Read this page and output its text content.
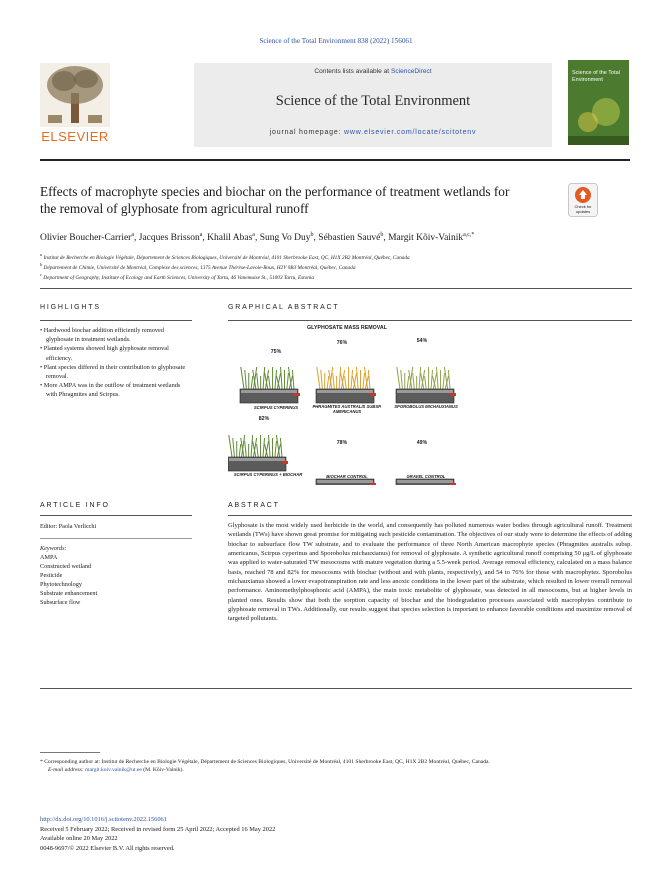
Science of the Total Environment 838 (2022) 156061
ELSEVIER
Contents lists available at ScienceDirect
Science of the Total Environment
journal homepage: www.elsevier.com/locate/scitotenv
Science of the Total Environment
Effects of macrophyte species and biochar on the performance of treatment wetlands for the removal of glyphosate from agricultural runoff	Check for updates
Olivier Boucher-Carrier$^a$, Jacques Brisson$^a$, Khalil Abas$^a$, Sung Vo Duy$^b$, Sébastien Sauvé$^b$, Margit Kõiv-Vainik$^{a,c,*}$
$^a$ Institut de Recherche en Biologie Végétale, Département de Sciences Biologiques, Université de Montréal, 4101 Sherbrooke East, QC, H1X 2B2 Montréal, Québec, Canada
$^b$ Département de Chimie, Université de Montréal, Complexe des sciences, 1375 Avenue Thérèse-Lavoie-Roux, H2V 0B3 Montréal, Québec, Canada
$^c$ Department of Geography, Institute of Ecology and Earth Sciences, University of Tartu, 46 Vanemuise St., 51003 Tartu, Estonia
HIGHLIGHTS
• Hardwood biochar addition efficiently removed glyphosate in treatment wetlands.
• Planted systems showed high glyphosate removal efficiency.
• Plant species differed in their contribution to glyphosate removal.
• More AMPA was in the outflow of treatment wetlands with Phragmites and Scirpus.
GRAPHICAL ABSTRACT
GLYPHOSATE MASS REMOVAL
75%
76%	54%
82%
78%	49%
SCIRPUS CYPERINUS	PHRAGMITES AUSTRALIS SUBSP. AMERICANUS
SPOROBOLUS MICHAUXIANUS
SCIRPUS CYPERINUS + BIOCHAR	BIOCHAR CONTROL	GRAVEL CONTROL
ARTICLE INFO
Editor: Paola Verlicchi
Keywords:
AMPA
Constructed wetland
Pesticide
Phytotechnology
Substrate enhancement
Subsurface flow
ABSTRACT
Glyphosate is the most widely used herbicide in the world, and consequently has polluted numerous water bodies through agricultural runoff. Treatment wetlands (TWs) have shown great promise for mitigating such pesticide contamination. The objectives of our study were to determine the effects of adding biochar to subsurface flow TW substrate, and to evaluate the performance of three North American macrophyte species (Phragmites australis subsp. americanus, Scirpus cyperinus and Sporobolus michauxianus) for removal of glyphosate. A synthetic agricultural runoff comprising 50 μg/L of glyphosate was applied to water-saturated TW mesocosms with mature vegetation during a 5.5-week period. Average removal efficiency, calculated on a mass balance basis, reached 78 and 82% for mesocosms with biochar (without and with plants, respectively), and 54 to 76% for those with macrophytes. Sporobolus michauxianus showed a lower evapotranspiration rate and less anoxic conditions in the lower part of the substrate, which resulted in lower overall removal performance. Aminomethylphosphonic acid (AMPA), the main toxic metabolite of glyphosate, was detected in all mesocosms, but at higher levels in planted ones. Results show that both the sorption capacity of biochar and the biodegradation processes associated with macrophytes contribute to glyphosate removal in TWs. Additionally, our results suggest that species selection is important to enhance favorable conditions and maximize removal of targeted pollutants.
* Corresponding author at: Institut de Recherche en Biologie Végétale, Département de Sciences Biologiques, Université de Montréal, 4101 Sherbrooke East, QC, H1X 2B2 Montréal, Québec, Canada.
E-mail address: margit.koiv.vainik@ut.ee (M. Kõiv-Vainik).
http://dx.doi.org/10.1016/j.scitotenv.2022.156061
Received 5 February 2022; Received in revised form 25 April 2022; Accepted 16 May 2022
Available online 20 May 2022
0048-9697/© 2022 Elsevier B.V. All rights reserved.
